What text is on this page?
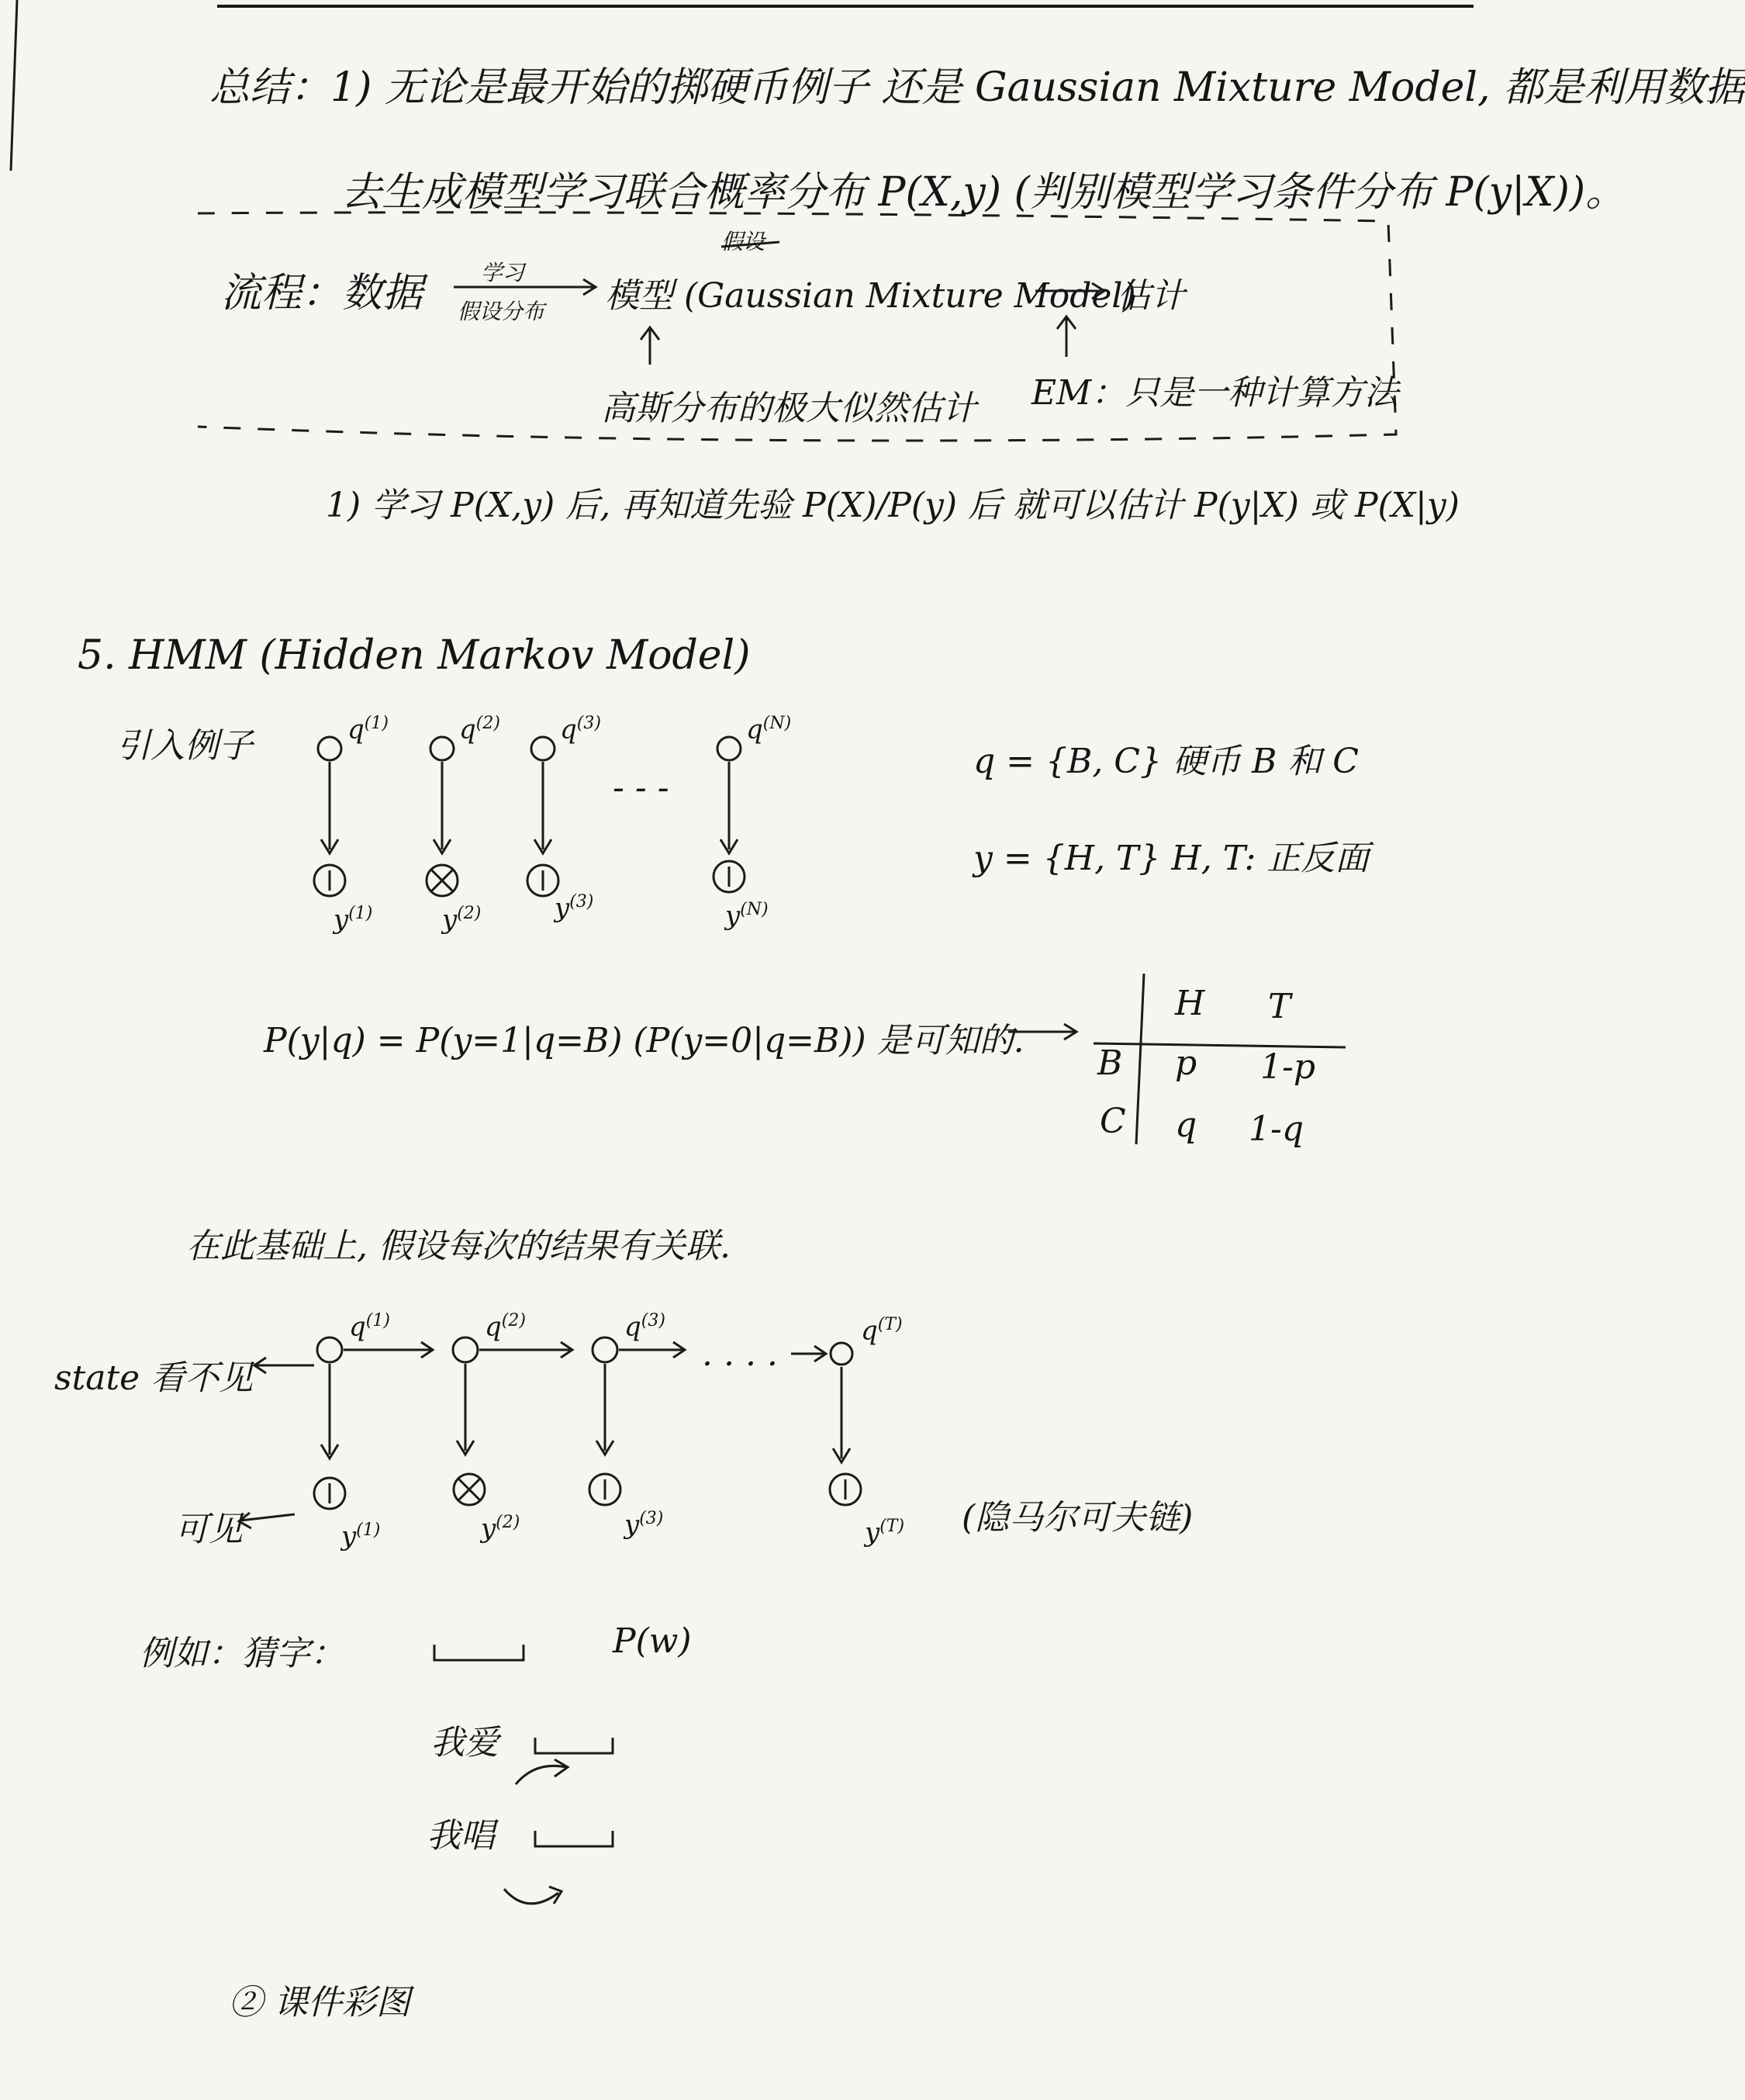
总结：1) 无论是最开始的掷硬币例子 还是 Gaussian Mixture Model, 都是利用数据
去生成模型学习联合概率分布 P(X,y) (判别模型学习条件分布 P(y|X))。
流程：数据	学习
假设分布
假设
模型 (Gaussian Mixture Model)
估计
高斯分布的极大似然估计 EM：只是一种计算方法
1) 学习 P(X,y) 后, 再知道先验 P(X)/P(y) 后 就可以估计 P(y|X) 或 P(X|y)
5. HMM (Hidden Markov Model)
引入例子	$q^{(1)}$	$q^{(2)}$ $q^{(3)}$	$q^{(N)}$
- - -
$y^{(1)}$	$y^{(2)}$	$y^{(3)}$	$y^{(N)}$
q = {B, C} 硬币 B 和 C
y = {H, T} H, T: 正反面
P(y|q) = P(y=1|q=B) (P(y=0|q=B)) 是可知的.
H T
B p 1-p
C q 1-q
在此基础上, 假设每次的结果有关联.
state 看不见
$q^{(1)}$	$q^{(2)}$	$q^{(3)}$	$q^{(T)}$
. . . .
可见	$y^{(1)}$	$y^{(2)}$	$y^{(3)}$	$y^{(T)}$ (隐马尔可夫链)
例如：猜字：	P(w)
我爱
我唱
② 课件彩图
